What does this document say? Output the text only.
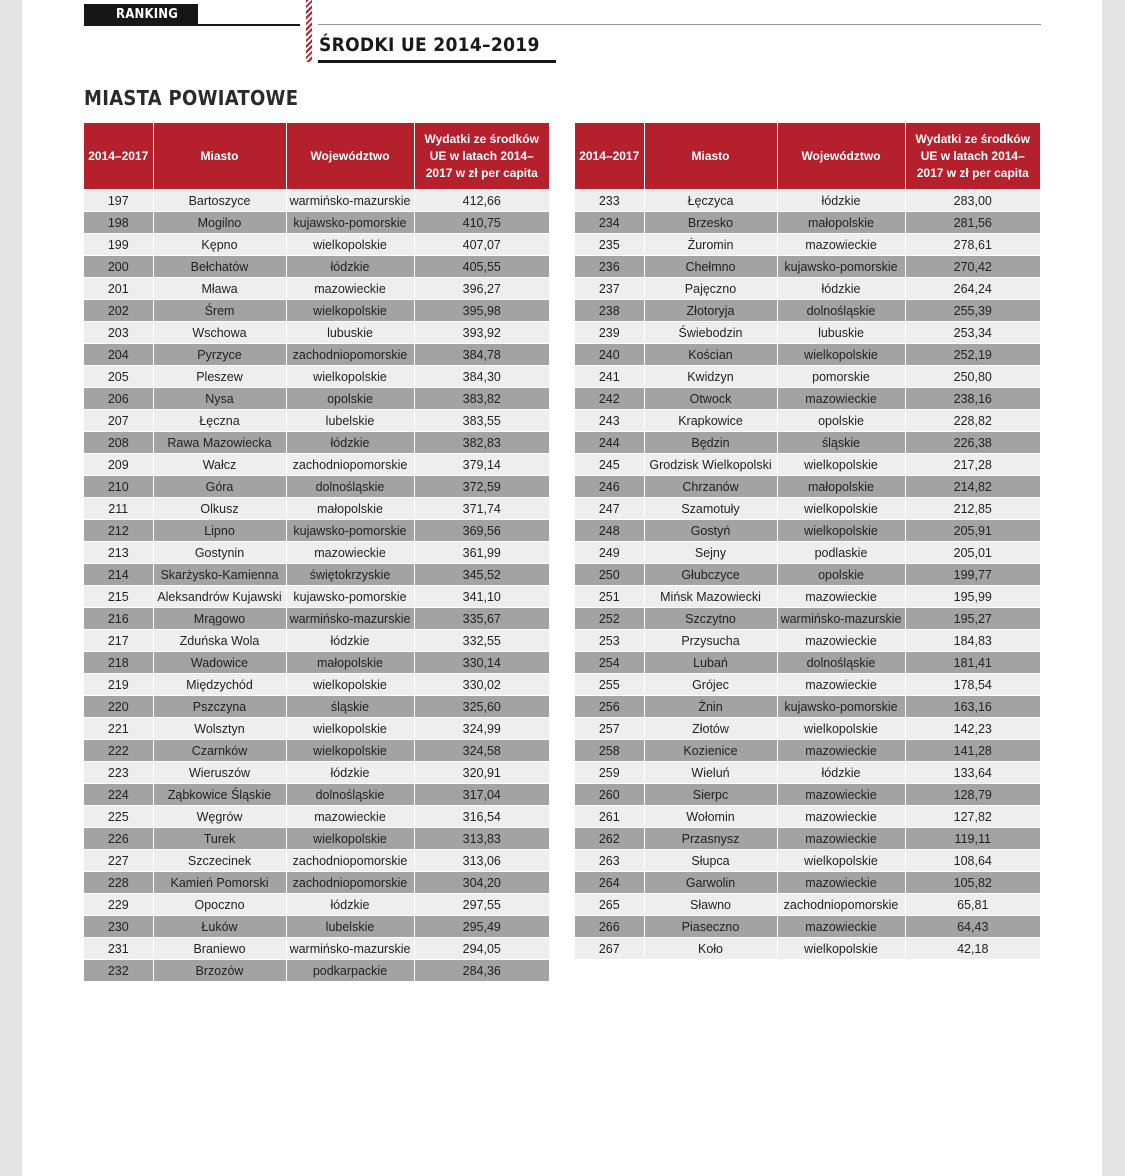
RANKING
ŚRODKI UE 2014–2019
MIASTA POWIATOWE
2014–2017	Miasto	Województwo	Wydatki ze środków UE w latach 2014–2017 w zł per capita
197	Bartoszyce	warmińsko-mazurskie	412,66
198	Mogilno	kujawsko-pomorskie	410,75
199	Kępno	wielkopolskie	407,07
200	Bełchatów	łódzkie	405,55
201	Mława	mazowieckie	396,27
202	Śrem	wielkopolskie	395,98
203	Wschowa	lubuskie	393,92
204	Pyrzyce	zachodniopomorskie	384,78
205	Pleszew	wielkopolskie	384,30
206	Nysa	opolskie	383,82
207	Łęczna	lubelskie	383,55
208	Rawa Mazowiecka	łódzkie	382,83
209	Wałcz	zachodniopomorskie	379,14
210	Góra	dolnośląskie	372,59
211	Olkusz	małopolskie	371,74
212	Lipno	kujawsko-pomorskie	369,56
213	Gostynin	mazowieckie	361,99
214	Skarżysko-Kamienna	świętokrzyskie	345,52
215	Aleksandrów Kujawski	kujawsko-pomorskie	341,10
216	Mrągowo	warmińsko-mazurskie	335,67
217	Zduńska Wola	łódzkie	332,55
218	Wadowice	małopolskie	330,14
219	Międzychód	wielkopolskie	330,02
220	Pszczyna	śląskie	325,60
221	Wolsztyn	wielkopolskie	324,99
222	Czarnków	wielkopolskie	324,58
223	Wieruszów	łódzkie	320,91
224	Ząbkowice Śląskie	dolnośląskie	317,04
225	Węgrów	mazowieckie	316,54
226	Turek	wielkopolskie	313,83
227	Szczecinek	zachodniopomorskie	313,06
228	Kamień Pomorski	zachodniopomorskie	304,20
229	Opoczno	łódzkie	297,55
230	Łuków	lubelskie	295,49
231	Braniewo	warmińsko-mazurskie	294,05
232	Brzozów	podkarpackie	284,36
2014–2017	Miasto	Województwo	Wydatki ze środków UE w latach 2014–2017 w zł per capita
233	Łęczyca	łódzkie	283,00
234	Brzesko	małopolskie	281,56
235	Żuromin	mazowieckie	278,61
236	Chełmno	kujawsko-pomorskie	270,42
237	Pajęczno	łódzkie	264,24
238	Złotoryja	dolnośląskie	255,39
239	Świebodzin	lubuskie	253,34
240	Kościan	wielkopolskie	252,19
241	Kwidzyn	pomorskie	250,80
242	Otwock	mazowieckie	238,16
243	Krapkowice	opolskie	228,82
244	Będzin	śląskie	226,38
245	Grodzisk Wielkopolski	wielkopolskie	217,28
246	Chrzanów	małopolskie	214,82
247	Szamotuły	wielkopolskie	212,85
248	Gostyń	wielkopolskie	205,91
249	Sejny	podlaskie	205,01
250	Głubczyce	opolskie	199,77
251	Mińsk Mazowiecki	mazowieckie	195,99
252	Szczytno	warmińsko-mazurskie	195,27
253	Przysucha	mazowieckie	184,83
254	Lubań	dolnośląskie	181,41
255	Grójec	mazowieckie	178,54
256	Żnin	kujawsko-pomorskie	163,16
257	Złotów	wielkopolskie	142,23
258	Kozienice	mazowieckie	141,28
259	Wieluń	łódzkie	133,64
260	Sierpc	mazowieckie	128,79
261	Wołomin	mazowieckie	127,82
262	Przasnysz	mazowieckie	119,11
263	Słupca	wielkopolskie	108,64
264	Garwolin	mazowieckie	105,82
265	Sławno	zachodniopomorskie	65,81
266	Piaseczno	mazowieckie	64,43
267	Koło	wielkopolskie	42,18
